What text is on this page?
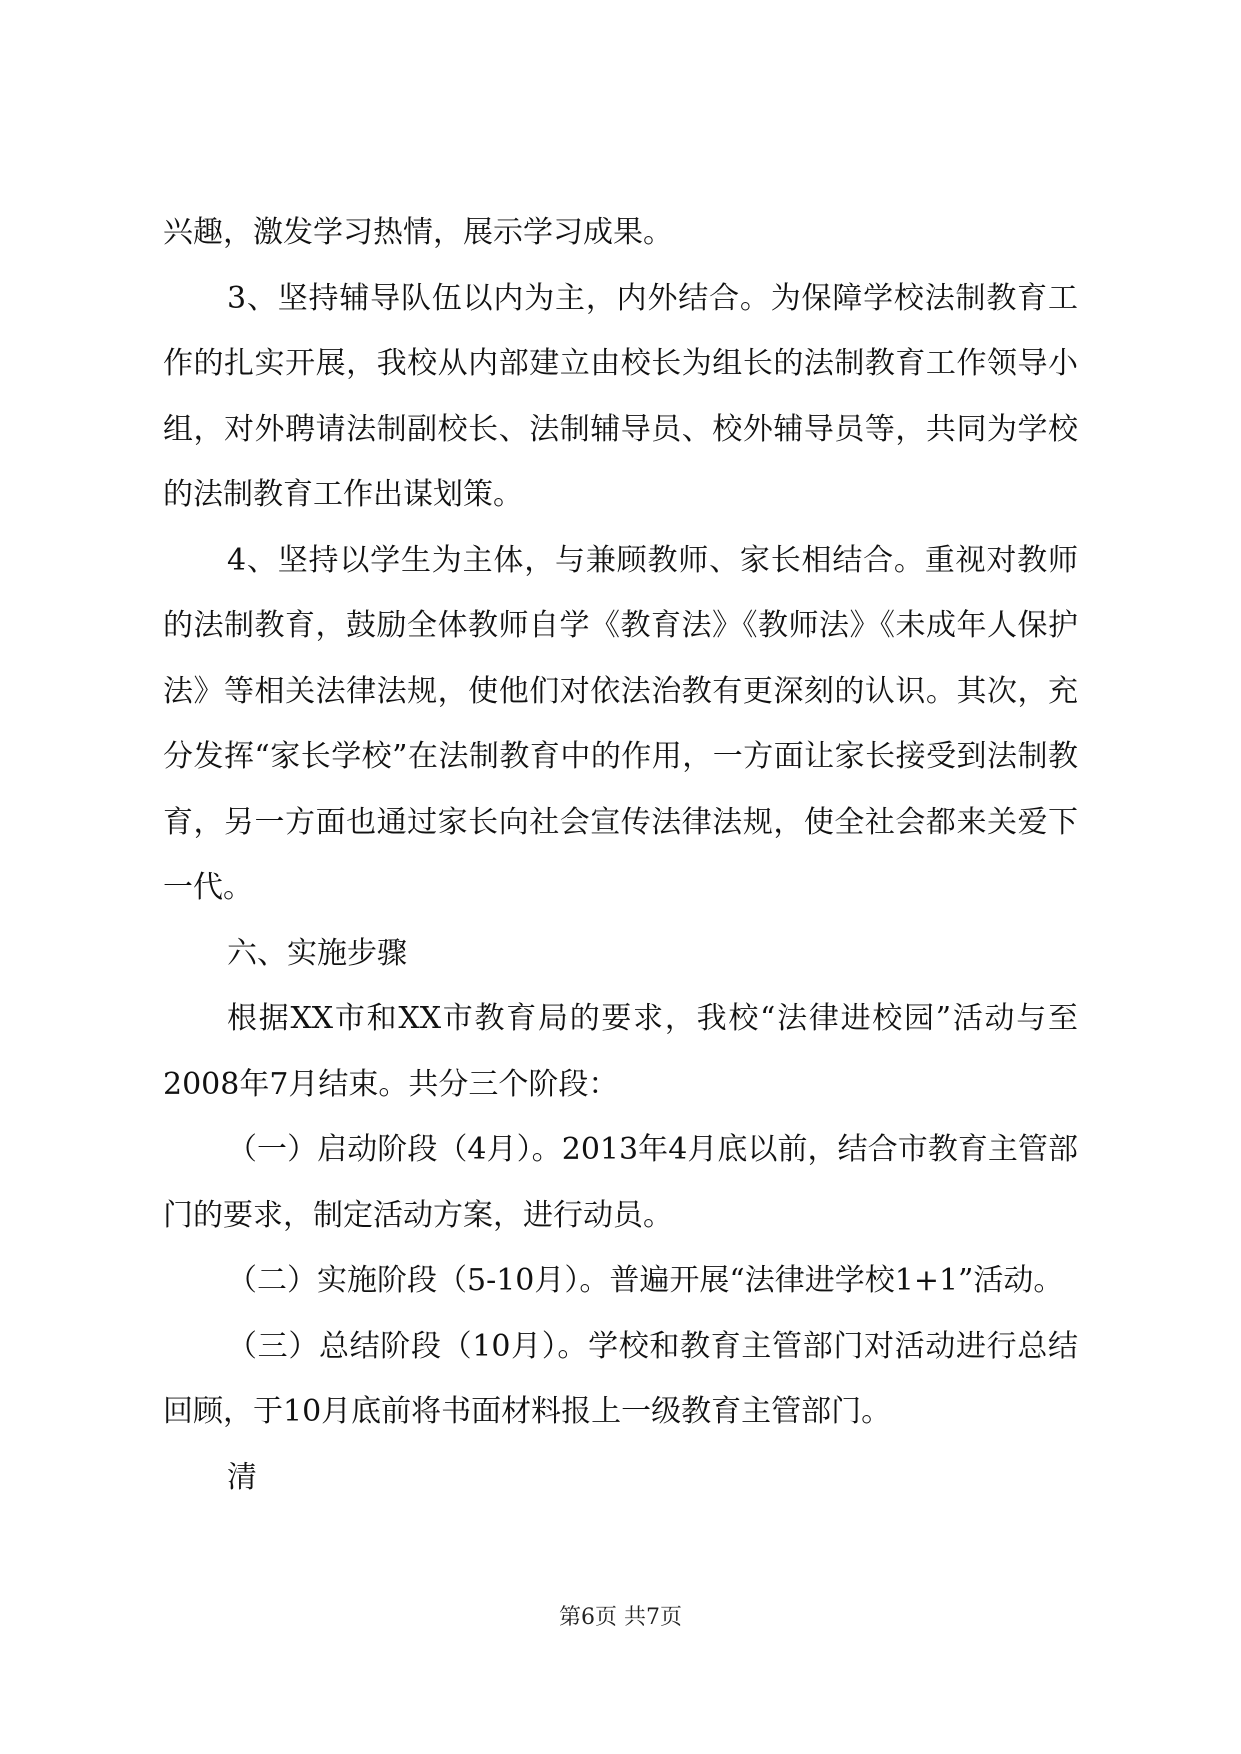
兴趣，激发学习热情，展示学习成果。

3、坚持辅导队伍以内为主，内外结合。为保障学校法制教育工作的扎实开展，我校从内部建立由校长为组长的法制教育工作领导小组，对外聘请法制副校长、法制辅导员、校外辅导员等，共同为学校的法制教育工作出谋划策。

4、坚持以学生为主体，与兼顾教师、家长相结合。重视对教师的法制教育，鼓励全体教师自学《教育法》《教师法》《未成年人保护法》等相关法律法规，使他们对依法治教有更深刻的认识。其次，充分发挥“家长学校”在法制教育中的作用，一方面让家长接受到法制教育，另一方面也通过家长向社会宣传法律法规，使全社会都来关爱下一代。

六、实施步骤

根据XX市和XX市教育局的要求，我校“法律进校园”活动与至2008年7月结束。共分三个阶段：

（一）启动阶段（4月）。2013年4月底以前，结合市教育主管部门的要求，制定活动方案，进行动员。

（二）实施阶段（5-10月）。普遍开展“法律进学校1+1”活动。

（三）总结阶段（10月）。学校和教育主管部门对活动进行总结回顾，于10月底前将书面材料报上一级教育主管部门。

清

第6页 共7页
